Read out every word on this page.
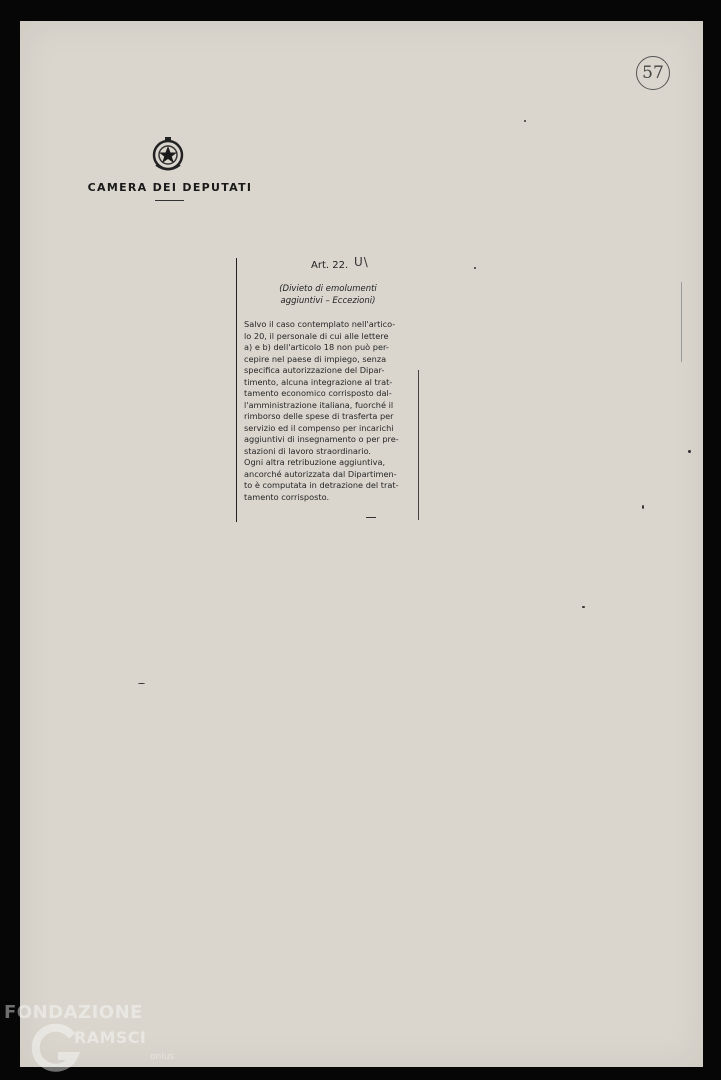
57
CAMERA DEI DEPUTATI
Art. 22. U\
(Divieto di emolumenti
aggiuntivi – Eccezioni)
Salvo il caso contemplato nell'artico-
lo 20, il personale di cui alle lettere
a) e b) dell'articolo 18 non può per-
cepire nel paese di impiego, senza
specifica autorizzazione del Dipar-
timento, alcuna integrazione al trat-
tamento economico corrisposto dal-
l'amministrazione italiana, fuorché il
rimborso delle spese di trasferta per
servizio ed il compenso per incarichi
aggiuntivi di insegnamento o per pre-
stazioni di lavoro straordinario.
Ogni altra retribuzione aggiuntiva,
ancorché autorizzata dal Dipartimen-
to è computata in detrazione del trat-
tamento corrisposto.
FONDAZIONE
RAMSCI
onlus
